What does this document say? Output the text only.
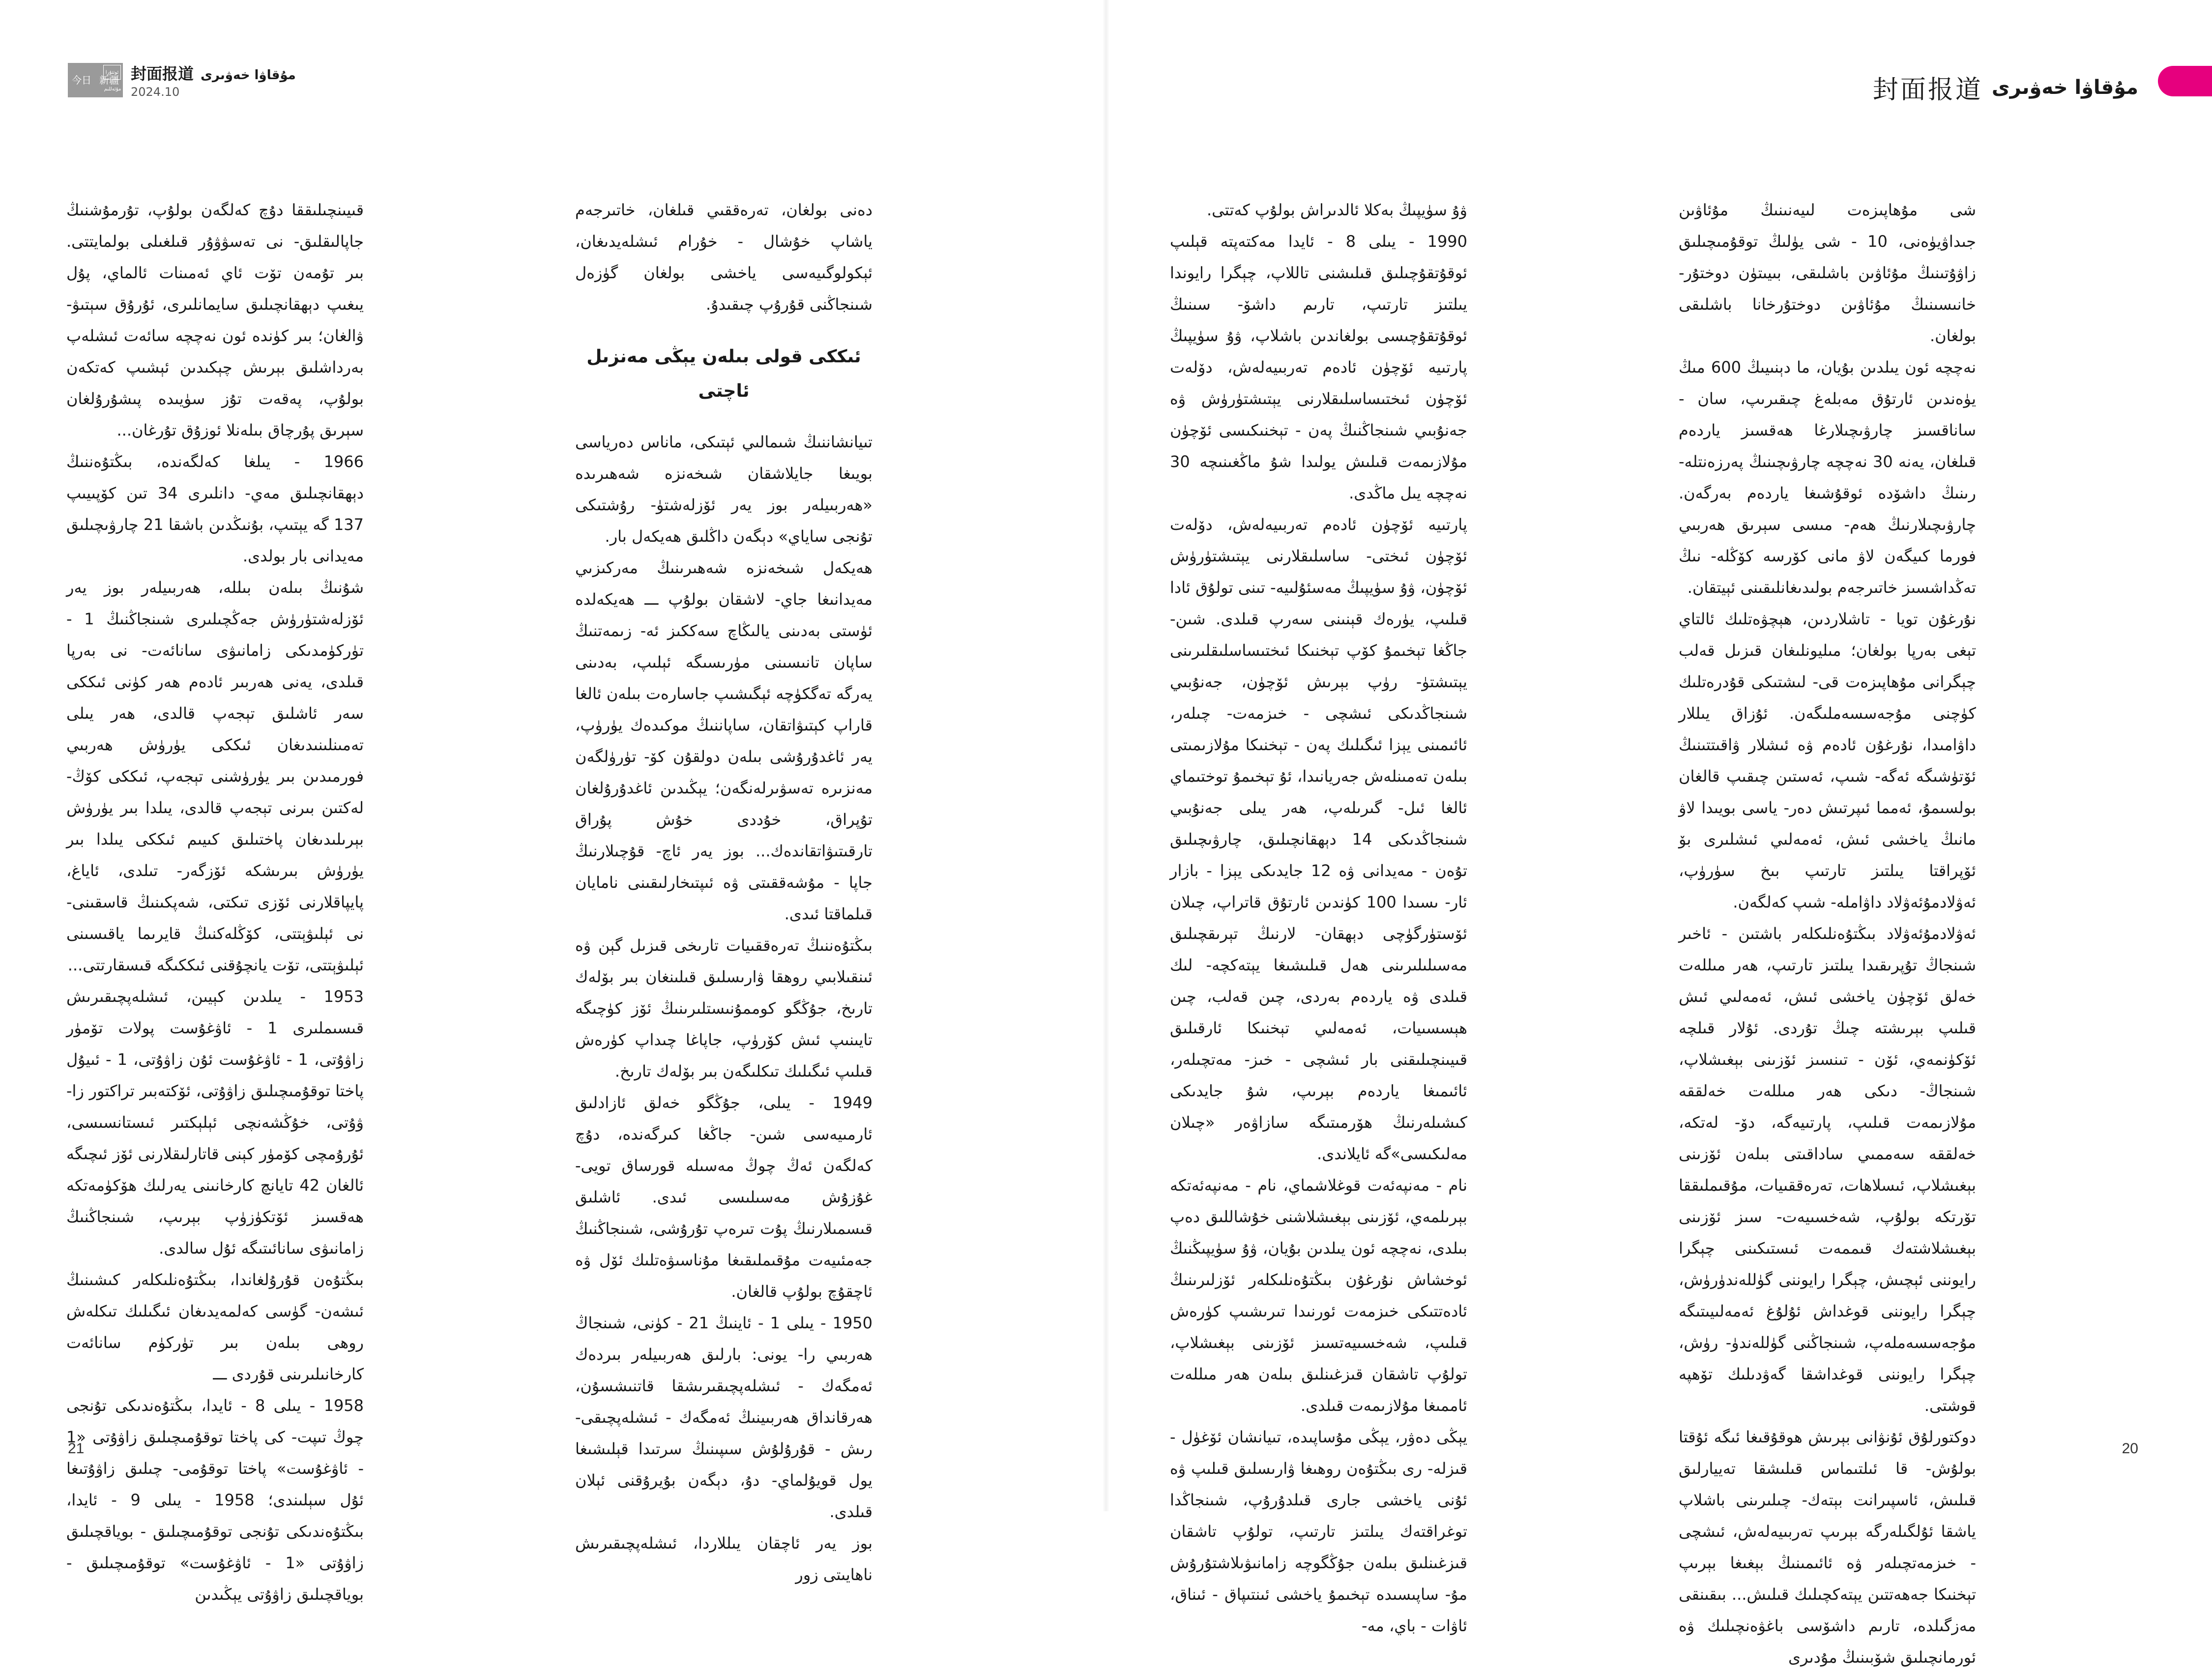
今日 新疆
ئوتتۇرا
مۇئەللىم
封面报道 مۇقاۋا خەۋىرى
2024.10

قىيىنچىلىققا دۇچ كەلگەن بولۇپ، تۇرمۇشنىڭ جاپالىقلىق- نى تەسۋۋۇر قىلغىلى بولمايتتى. بىر تۇمەن تۆت ئاي ئەمىنات ئالماي، پۇل يىغىپ دېھقانچىلىق سايمانلىرى، ئۇرۇق سېتىۋ- ۋالغان؛ بىر كۈندە ئون نەچچە سائەت ئىشلەپ بەرداشلىق بېرىش چېكىدىن ئېشىپ كەتكەن بولۇپ، پەقەت تۇز سۈيىدە پىشۇرۇلغان سېرىق پۇرچاق بىلەنلا ئوزۇق تۇرغان...

1966 - يىلغا كەلگەندە، بىڭتۇەننىڭ دېھقانچىلىق مەي- دانلىرى 34 تىن كۆپىيىپ 137 گە يېتىپ، بۇنىڭدىن باشقا 21 چارۋىچىلىق مەيدانى بار بولدى.

شۇنىڭ بىلەن بىللە، ھەربىيلەر بوز يەر ئۆزلەشتۈرۈش جەڭچىلىرى شىنجاڭنىڭ 1 - تۈركۈمدىكى زامانىۋى سانائەت- نى بەرپا قىلدى، يەنى ھەربىر ئادەم ھەر كۈنى ئىككى سەر ئاشلىق تېجەپ قالدى، ھەر يىلى تەمىنلىنىدىغان ئىككى يۈرۈش ھەربىي فورمىدىن بىر يۈرۈشنى تېجەپ، ئىككى كۆڭ- لەكتىن بىرنى تېجەپ قالدى، يىلدا بىر يۈرۈش بېرىلىدىغان پاختىلىق كىيىم ئىككى يىلدا بىر يۈرۈش بىرىشكە ئۆزگەر- تىلدى، ئاياغ، پايپاقلارنى ئۆزى تىكتى، شەپكىنىڭ قاسقىنى- نى ئېلىۋېتتى، كۆڭلەكنىڭ قايرىما ياقىسىنى ئېلىۋېتتى، تۆت يانچۇقنى ئىككىگە قىسقارتتى...

1953 - يىلدىن كېيىن، ئىشلەپچىقىرىش قىسىملىرى 1 - ئاۋغۇست پولات تۆمۈر زاۋۇتى، 1 - ئاۋغۇست ئۇن زاۋۇتى، 1 - ئىيۇل پاختا توقۇمىچىلىق زاۋۇتى، ئۆكتەبىر تراكتور زا- ۋۇتى، خۇڭشەنچى ئېلېكتىر ئىستانسىسى، ئۇرۇمچى كۆمۈر كېنى قاتارلىقلارنى ئۆز ئىچىگە ئالغان 42 تايانچ كارخانىنى يەرلىك ھۆكۈمەتكە ھەقسىز ئۆتكۈزۈپ بېرىپ، شىنجاڭنىڭ زامانىۋى سانائىتىگە ئۇل سالدى.

بىڭتۇەن قۇرۇلغاندا، بىڭتۇەنلىكلەر كىشىنىڭ ئىشەن- گۈسى كەلمەيدىغان ئىگىلىك تىكلەش روھى بىلەن بىر تۈركۈم سانائەت كارخانىلىرىنى قۇردى ـــ

1958 - يىلى 8 - ئايدا، بىڭتۇەندىكى تۇنجى چوڭ تىپت- كى پاختا توقۇمىچىلىق زاۋۇتى «1 - ئاۋغۇست» پاختا توقۇمى- چىلىق زاۋۇتىغا ئۇل سېلىندى؛ 1958 - يىلى 9 - ئايدا، بىڭتۇەندىكى تۇنجى توقۇمىچىلىق - بوياقچىلىق زاۋۇتى «1 - ئاۋغۇست» توقۇمىچىلىق - بوياقچىلىق زاۋۇتى يېڭىدىن

دەنى بولغان، تەرەققىي قىلغان، خاتىرجەم ياشاپ خۇشال - خۇرام ئىشلەيدىغان، ئېكولوگىيەسى ياخشى بولغان گۈزەل شىنجاڭنى قۇرۇپ چىقىدۇ.

ئىككى قولى بىلەن يېڭى مەنزىل ئاچتى

تىيانشاننىڭ شىمالىي ئېتىكى، ماناس دەرياسى بويىغا جايلاشقان شىخەنزە شەھىرىدە «ھەربىيلەر بوز يەر ئۆزلەشتۈ- رۇشتىكى تۇنجى ساياي» دېگەن داڭلىق ھەيكەل بار.

ھەيكەل شىخەنزە شەھىرىنىڭ مەركىزىي مەيدانىغا جاي- لاشقان بولۇپ ـــ ھەيكەلدە ئۈستى بەدىنى يالىڭاچ سەككىز ئە- زىمەتنىڭ ساپان تانىسىنى مۈرىسىگە ئېلىپ، بەدىنى يەرگە تەگكۈچە ئېگىشىپ جاسارەت بىلەن ئالغا قاراپ كېتىۋاتقان، ساپاننىڭ موكىدەك يۈرۈپ، يەر ئاغدۇرۇشى بىلەن دولقۇن كۆ- تۈرۈلگەن مەنزىرە تەسۋىرلەنگەن؛ يېڭىدىن ئاغدۇرۇلغان تۇپراق، خۇددى خۇش پۇراق تارقىتىۋاتقاندەك... بوز يەر ئاچ- قۇچىلارنىڭ جاپا - مۇشەققىتى ۋە ئىپتىخارلىقىنى نامايان قىلماقتا ئىدى.

بىڭتۇەننىڭ تەرەققىيات تارىخى قىزىل گېن ۋە ئىنقىلابىي روھقا ۋارىسلىق قىلىنغان بىر بۆلەك تارىخ، جۇڭگو كوممۇنىستلىرىنىڭ ئۆز كۈچىگە تايىنىپ ئىش كۆرۈپ، جاپاغا چىداپ كۈرەش قىلىپ ئىگىلىك تىكلىگەن بىر بۆلەك تارىخ.

1949 - يىلى، جۇڭگو خەلق ئازادلىق ئارمىيەسى شىن- جاڭغا كىرگەندە، دۇچ كەلگەن ئەڭ چوڭ مەسىلە قورساق تويى- غۇزۇش مەسىلىسى ئىدى. ئاشلىق قىسمىلارنىڭ پۇت تىرەپ تۇرۇشى، شىنجاڭنىڭ جەمئىيەت مۇقىملىقىغا مۇناسىۋەتلىك ئۆل ۋە ئاچقۇچ بولۇپ قالغان.

1950 - يىلى 1 - ئاينىڭ 21 - كۈنى، شىنجاڭ ھەربىي را- يونى: بارلىق ھەربىيلەر بىردەك ئەمگەك - ئىشلەپچىقىرىشقا قاتنىشسۇن، ھەرقانداق ھەربىينىڭ ئەمگەك - ئىشلەپچىقى- رىش - قۇرۇلۇش سىپىنىڭ سرتىدا قېلىشىغا يول قويۇلماي- دۇ، دېگەن بۇيرۇقنى ئېلان قىلدى.

بوز يەر ئاچقان يىللاردا، ئىشلەپچىقىرىش ناھايىتى زور

21
封面报道 مۇقاۋا خەۋىرى

ۋۇ سۈيپىڭ بەكلا ئالدىراش بولۇپ كەتتى.

1990 - يىلى 8 - ئايدا مەكتەپتە قېلىپ ئوقۇتقۇچىلىق قىلىشنى تاللاپ، چېگرا رايوندا يىلتىز تارتىپ، تارىم داشۆ- سىنىڭ ئوقۇتقۇچىسى بولغاندىن باشلاپ، ۋۇ سۈيپىڭ پارتىيە ئۆچۈن ئادەم تەربىيەلەش، دۆلەت ئۆچۈن ئىختىساسلىقلارنى يېتىشتۈرۈش ۋە جەنۇبىي شىنجاڭنىڭ پەن - تېخنىكىسى ئۆچۈن مۇلازىمەت قىلىش يولىدا شۇ ماڭغىنىچە 30 نەچچە يىل ماڭدى.

پارتىيە ئۆچۈن ئادەم تەربىيەلەش، دۆلەت ئۆچۈن ئىختى- ساسلىقلارنى يېتىشتۈرۈش ئۆچۈن، ۋۇ سۈيپىڭ مەسئۇلىيە- تىنى تولۇق ئادا قىلىپ، يۈرەك قېنىنى سەرپ قىلدى. شىن- جاڭغا تېخىمۇ كۆپ تېخنىكا ئىختىساسلىقلىرىنى يېتىشتۈ- رۈپ بېرىش ئۆچۈن، جەنۇبىي شىنجاڭدىكى ئىشچى - خىزمەت- چىلەر، ئائىمىنى يېزا ئىگىلىك پەن - تېخنىكا مۇلازىمىتى بىلەن تەمىنلەش جەريانىدا، ئۇ تېخىمۇ توختىماي ئالغا ئىل- گىرىلەپ، ھەر يىلى جەنۇبىي شىنجاڭدىكى 14 دېھقانچىلىق، چارۋىچىلىق تۇەن - مەيدانى ۋە 12 جايدىكى يېزا - بازار ئار- ىسىدا 100 كۈندىن ئارتۇق قاتراپ، چىلان ئۆستۈرگۈچى دېھقان- لارنىڭ تېرىقچىلىق مەسىلىلىرىنى ھەل قىلىشىغا يېتەكچە- لىك قىلدى ۋە ياردەم بەردى، چىن قەلب، چىن ھېسسىيات، ئەمەلىي تېخنىكا ئارقىلىق قىيىنچىلىقنى بار ئىشچى - خىز- مەتچىلەر، ئائىمىغا ياردەم بېرىپ، شۇ جايدىكى كىشىلەرنىڭ ھۆرمىتىگە سازاۋەر «چىلان مەلىكىسى»گە ئايلاندى.

نام - مەنپەئەت قوغلاشماي، نام - مەنپەئەتكە بېرىلمەي، ئۆزىنى بېغىشلاشنى خۇشاللىق دەپ بىلدى، نەچچە ئون يىلدىن بۇيان، ۋۇ سۈيپىڭنىڭ ئوخشاش نۇرغۇن بىڭتۇەنلىكلەر ئۆزلىرىنىڭ ئادەتتىكى خىزمەت ئورنىدا تىرىشىپ كۈرەش قىلىپ، شەخسىيەتسىز ئۆزىنى بېغىشلاپ، تولۇپ تاشقان قىزغىنلىق بىلەن ھەر مىللەت ئاممىغا مۇلازىمەت قىلدى.

يېڭى دەۋر، يېڭى مۇساپىدە، تىيانشان ئۆغۈل - قىزلە- رى بىڭتۇەن روھىغا ۋارىسلىق قىلىپ ۋە ئۇنى ياخشى جارى قىلدۇرۇپ، شىنجاڭدا توغراقتەك يىلتىز تارتىپ، تولۇپ تاشقان قىزغىنلىق بىلەن جۇڭگوچە زامانىۋىلاشتۇرۇش مۇ- ساپىسىدە تېخىمۇ ياخشى ئىنتىپاق - ئىناق، ئاۋات - باي، مە-

شى مۇھاپىزەت لىيەنىنىڭ مۇئاۋىن جىداۋيۈەنى، 10 - شى يۈلىڭ توقۇمىچىلىق زاۋۇتىنىڭ مۇئاۋىن باشلىقى، بىيىتۈن دوختۇر- خانىسىنىڭ مۇئاۋىن دوختۇرخانا باشلىقى بولغان.

نەچچە ئون يىلدىن بۇيان، ما دېنىيىڭ 600 مىڭ يۈەندىن ئارتۇق مەبلەغ چىقىرىپ، سان - ساناقسىز چارۋىچىلارغا ھەقسىز ياردەم قىلغان، يەنە 30 نەچچە چارۋىچىنىڭ پەرزەنتلە- رىنىڭ داشۆدە ئوقۇشىغا ياردەم بەرگەن. چارۋىچىلارنىڭ ھەم- مىسى سېرىق ھەربىي فورما كىيگەن لاۋ مانى كۆرسە كۆڭلە- نىڭ تەڭداشسىز خاتىرجەم بولىدىغانلىقىنى ئېيتقان.

نۇرغۇن تويا - تاشلاردىن، ھېچۋەتلىك ئالتاي تېغى بەرپا بولغان؛ مىليونلىغان قىزىل قەلب چېگرانى مۇھاپىزەت قى- لىشتىكى قۇدرەتلىك كۈچنى مۇجەسسەملىگەن. ئۇزاق يىللار داۋامىدا، نۇرغۇن ئادەم ۋە ئىشلار ۋاقىتتىنىڭ ئۆتۈشىگە ئەگە- شىپ، ئەستىن چىقىپ قالغان بولسىمۇ، ئەمما ئىپرتىش دەر- ياسى بويىدا لاۋ مانىڭ ياخشى ئىش، ئەمەلىي ئىشلىرى بۆ ئۆپراقتا يىلتىز تارتىپ بىخ سۈرۈپ، ئەۋلادمۇئەۋلاد داۋاملە- شىپ كەلگەن.

ئەۋلادمۇئەۋلاد بىڭتۇەنلىكلەر باشتىن - ئاخىر شىنجاڭ تۇپرىقىدا يىلتىز تارتىپ، ھەر مىللەت خەلق ئۆچۈن ياخشى ئىش، ئەمەلىي ئىش قىلىپ بېرىشتە چىڭ تۇردى. ئۇلار قىلچە ئۆكۈنمەي، ئۆن - تىنسىز ئۆزىنى بېغىشلاپ، شىنجاڭ- دىكى ھەر مىللەت خەلققە مۇلازىمەت قىلىپ، پارتىيەگە، دۆ- لەتكە، خەلققە سەممىي ساداقىتى بىلەن ئۆزىنى بېغىشلاپ، ئىسلاھات، تەرەققىيات، مۇقىملىققا تۆرتكە بولۇپ، شەخسىيەت- سىز ئۆزىنى بېغىشلاشتەك قىممەت ئىستىكىنى چېگرا رايوننى ئېچىش، چېگرا رايوننى گۈللەندۈرۈش، چېگرا رايوننى قوغداش ئۇلۇغ ئەمەلىيىتىگە مۇجەسسەملەپ، شىنجاڭنى گۈللەندۈ- رۈش، چېگرا رايوننى قوغداشقا گەۋدىلىك تۆھپە قوشتى.

دوكتورلۇق ئۇنۋانى بېرىش ھوقۇقىغا ئىگە ئۇقتا بولۇش- قا ئىلتىماس قىلىشقا تەييارلىق قىلىش، ئاسپىرانت بېتەك- چىلىرىنى باشلاپ ياشقا ئۇلگىلەرگە بېرىپ تەربىيەلەش، ئىشچى - خىزمەتچىلەر ۋە ئائىمىنىڭ بېغىغا بېرىپ تېخنىكا جەھەتتىن يېتەكچىلىك قىلىش... بىقىنقى مەزگىلدە، تارىم داشۆسى باغۋەنچىلىك ۋە ئورمانچىلىق شۆبىنىڭ مۇدىرى

20
